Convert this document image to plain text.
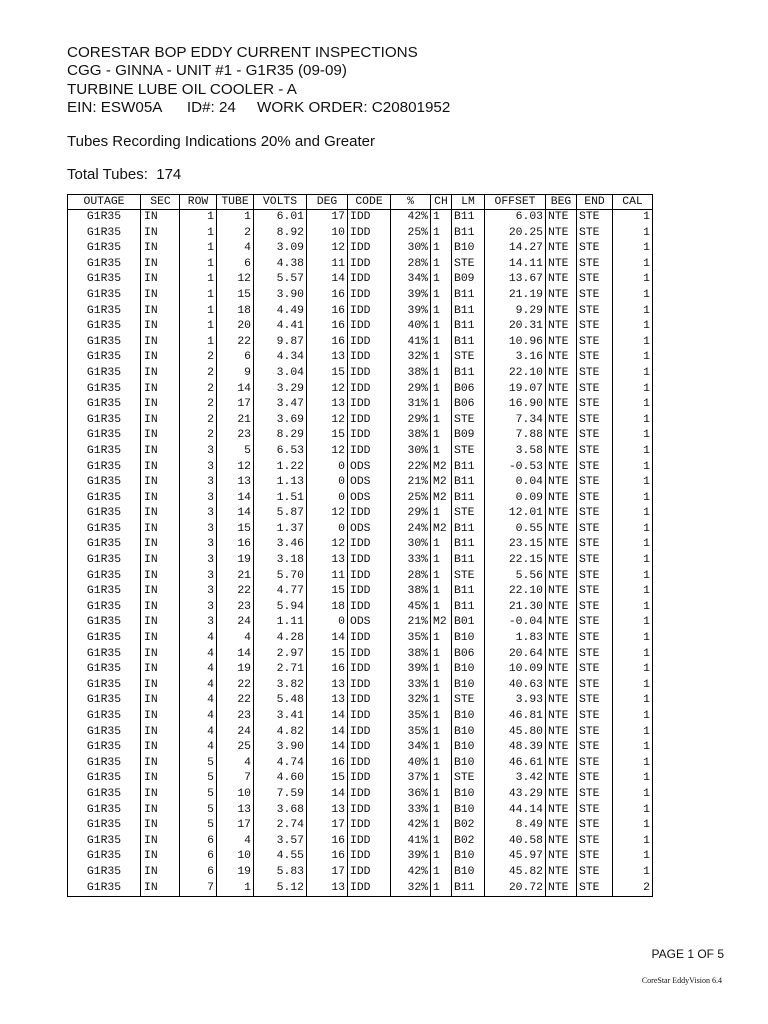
CORESTAR BOP EDDY CURRENT INSPECTIONS
CGG - GINNA - UNIT #1 - G1R35 (09-09)
TURBINE LUBE OIL COOLER - A
EIN: ESW05A ID#: 24 WORK ORDER: C20801952
Tubes Recording Indications 20% and Greater
Total Tubes: 174
OUTAGE	SEC	ROW	TUBE	VOLTS	DEG	CODE	%	CH	LM	OFFSET	BEG	END	CAL
G1R35	IN	1	1	6.01	17	IDD	42%	1	B11	6.03	NTE	STE	1
G1R35	IN	1	2	8.92	10	IDD	25%	1	B11	20.25	NTE	STE	1
G1R35	IN	1	4	3.09	12	IDD	30%	1	B10	14.27	NTE	STE	1
G1R35	IN	1	6	4.38	11	IDD	28%	1	STE	14.11	NTE	STE	1
G1R35	IN	1	12	5.57	14	IDD	34%	1	B09	13.67	NTE	STE	1
G1R35	IN	1	15	3.90	16	IDD	39%	1	B11	21.19	NTE	STE	1
G1R35	IN	1	18	4.49	16	IDD	39%	1	B11	9.29	NTE	STE	1
G1R35	IN	1	20	4.41	16	IDD	40%	1	B11	20.31	NTE	STE	1
G1R35	IN	1	22	9.87	16	IDD	41%	1	B11	10.96	NTE	STE	1
G1R35	IN	2	6	4.34	13	IDD	32%	1	STE	3.16	NTE	STE	1
G1R35	IN	2	9	3.04	15	IDD	38%	1	B11	22.10	NTE	STE	1
G1R35	IN	2	14	3.29	12	IDD	29%	1	B06	19.07	NTE	STE	1
G1R35	IN	2	17	3.47	13	IDD	31%	1	B06	16.90	NTE	STE	1
G1R35	IN	2	21	3.69	12	IDD	29%	1	STE	7.34	NTE	STE	1
G1R35	IN	2	23	8.29	15	IDD	38%	1	B09	7.88	NTE	STE	1
G1R35	IN	3	5	6.53	12	IDD	30%	1	STE	3.58	NTE	STE	1
G1R35	IN	3	12	1.22	0	ODS	22%	M2	B11	-0.53	NTE	STE	1
G1R35	IN	3	13	1.13	0	ODS	21%	M2	B11	0.04	NTE	STE	1
G1R35	IN	3	14	1.51	0	ODS	25%	M2	B11	0.09	NTE	STE	1
G1R35	IN	3	14	5.87	12	IDD	29%	1	STE	12.01	NTE	STE	1
G1R35	IN	3	15	1.37	0	ODS	24%	M2	B11	0.55	NTE	STE	1
G1R35	IN	3	16	3.46	12	IDD	30%	1	B11	23.15	NTE	STE	1
G1R35	IN	3	19	3.18	13	IDD	33%	1	B11	22.15	NTE	STE	1
G1R35	IN	3	21	5.70	11	IDD	28%	1	STE	5.56	NTE	STE	1
G1R35	IN	3	22	4.77	15	IDD	38%	1	B11	22.10	NTE	STE	1
G1R35	IN	3	23	5.94	18	IDD	45%	1	B11	21.30	NTE	STE	1
G1R35	IN	3	24	1.11	0	ODS	21%	M2	B01	-0.04	NTE	STE	1
G1R35	IN	4	4	4.28	14	IDD	35%	1	B10	1.83	NTE	STE	1
G1R35	IN	4	14	2.97	15	IDD	38%	1	B06	20.64	NTE	STE	1
G1R35	IN	4	19	2.71	16	IDD	39%	1	B10	10.09	NTE	STE	1
G1R35	IN	4	22	3.82	13	IDD	33%	1	B10	40.63	NTE	STE	1
G1R35	IN	4	22	5.48	13	IDD	32%	1	STE	3.93	NTE	STE	1
G1R35	IN	4	23	3.41	14	IDD	35%	1	B10	46.81	NTE	STE	1
G1R35	IN	4	24	4.82	14	IDD	35%	1	B10	45.80	NTE	STE	1
G1R35	IN	4	25	3.90	14	IDD	34%	1	B10	48.39	NTE	STE	1
G1R35	IN	5	4	4.74	16	IDD	40%	1	B10	46.61	NTE	STE	1
G1R35	IN	5	7	4.60	15	IDD	37%	1	STE	3.42	NTE	STE	1
G1R35	IN	5	10	7.59	14	IDD	36%	1	B10	43.29	NTE	STE	1
G1R35	IN	5	13	3.68	13	IDD	33%	1	B10	44.14	NTE	STE	1
G1R35	IN	5	17	2.74	17	IDD	42%	1	B02	8.49	NTE	STE	1
G1R35	IN	6	4	3.57	16	IDD	41%	1	B02	40.58	NTE	STE	1
G1R35	IN	6	10	4.55	16	IDD	39%	1	B10	45.97	NTE	STE	1
G1R35	IN	6	19	5.83	17	IDD	42%	1	B10	45.82	NTE	STE	1
G1R35	IN	7	1	5.12	13	IDD	32%	1	B11	20.72	NTE	STE	2
PAGE 1 OF 5
CoreStar EddyVision 6.4
